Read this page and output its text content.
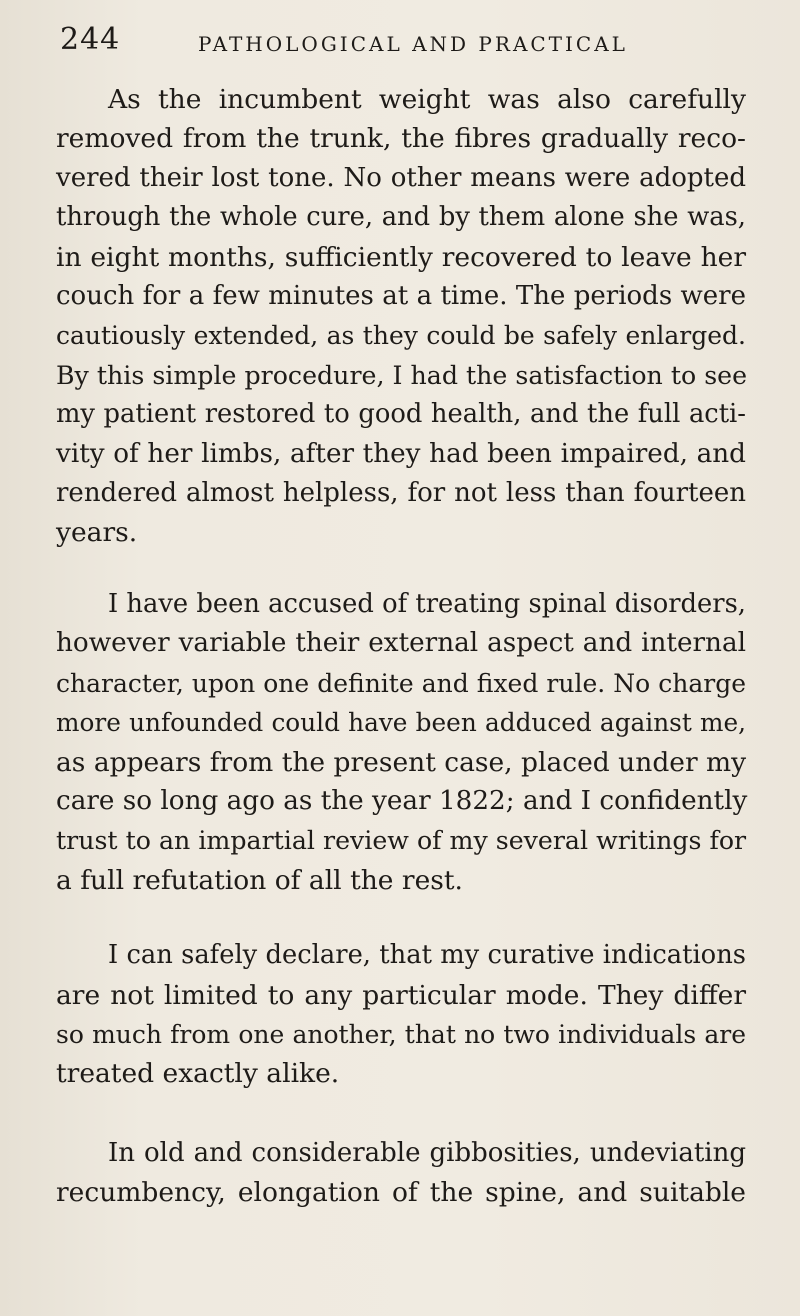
244	PATHOLOGICAL AND PRACTICAL

As the incumbent weight was also carefully
removed from the trunk, the fibres gradually reco-
vered their lost tone. No other means were adopted
through the whole cure, and by them alone she was,
in eight months, sufficiently recovered to leave her
couch for a few minutes at a time. The periods were
cautiously extended, as they could be safely enlarged.
By this simple procedure, I had the satisfaction to see
my patient restored to good health, and the full acti-
vity of her limbs, after they had been impaired, and
rendered almost helpless, for not less than fourteen
years.

I have been accused of treating spinal disorders,
however variable their external aspect and internal
character, upon one definite and fixed rule. No charge
more unfounded could have been adduced against me,
as appears from the present case, placed under my
care so long ago as the year 1822; and I confidently
trust to an impartial review of my several writings for
a full refutation of all the rest.

I can safely declare, that my curative indications
are not limited to any particular mode. They differ
so much from one another, that no two individuals are
treated exactly alike.

In old and considerable gibbosities, undeviating
recumbency, elongation of the spine, and suitable
